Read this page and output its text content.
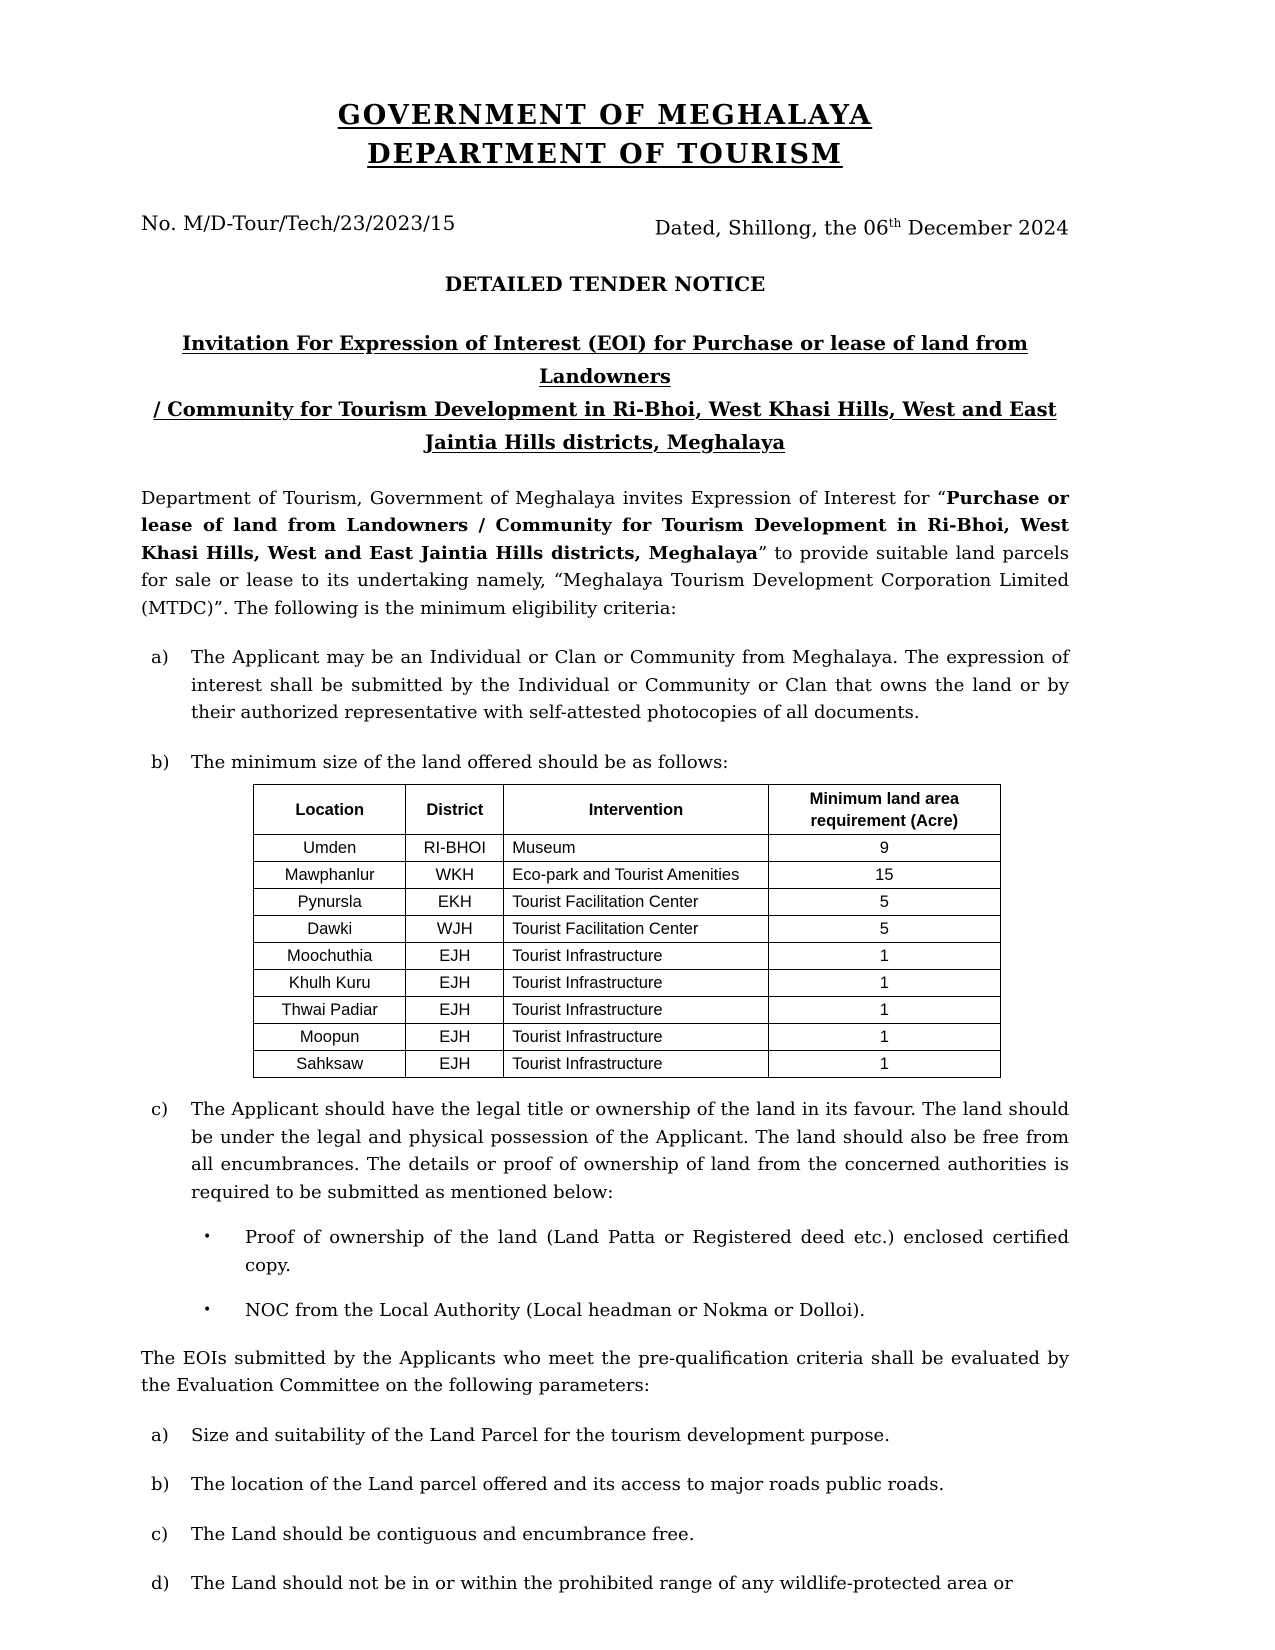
GOVERNMENT OF MEGHALAYA
DEPARTMENT OF TOURISM
No. M/D-Tour/Tech/23/2023/15	Dated, Shillong, the 06th December 2024
DETAILED TENDER NOTICE
Invitation For Expression of Interest (EOI) for Purchase or lease of land from Landowners
/ Community for Tourism Development in Ri-Bhoi, West Khasi Hills, West and East
Jaintia Hills districts, Meghalaya
Department of Tourism, Government of Meghalaya invites Expression of Interest for “Purchase or lease of land from Landowners / Community for Tourism Development in Ri-Bhoi, West Khasi Hills, West and East Jaintia Hills districts, Meghalaya” to provide suitable land parcels for sale or lease to its undertaking namely, “Meghalaya Tourism Development Corporation Limited (MTDC)”. The following is the minimum eligibility criteria:
a) The Applicant may be an Individual or Clan or Community from Meghalaya. The expression of interest shall be submitted by the Individual or Community or Clan that owns the land or by their authorized representative with self-attested photocopies of all documents.
b) The minimum size of the land offered should be as follows:
Location	District	Intervention	Minimum land area requirement (Acre)
Umden	RI-BHOI	Museum	9
Mawphanlur	WKH	Eco-park and Tourist Amenities	15
Pynursla	EKH	Tourist Facilitation Center	5
Dawki	WJH	Tourist Facilitation Center	5
Moochuthia	EJH	Tourist Infrastructure	1
Khulh Kuru	EJH	Tourist Infrastructure	1
Thwai Padiar	EJH	Tourist Infrastructure	1
Moopun	EJH	Tourist Infrastructure	1
Sahksaw	EJH	Tourist Infrastructure	1
c) The Applicant should have the legal title or ownership of the land in its favour. The land should be under the legal and physical possession of the Applicant. The land should also be free from all encumbrances. The details or proof of ownership of land from the concerned authorities is required to be submitted as mentioned below:
• Proof of ownership of the land (Land Patta or Registered deed etc.) enclosed certified copy.
• NOC from the Local Authority (Local headman or Nokma or Dolloi).
The EOIs submitted by the Applicants who meet the pre-qualification criteria shall be evaluated by the Evaluation Committee on the following parameters:
a) Size and suitability of the Land Parcel for the tourism development purpose.
b) The location of the Land parcel offered and its access to major roads public roads.
c) The Land should be contiguous and encumbrance free.
d) The Land should not be in or within the prohibited range of any wildlife-protected area or
